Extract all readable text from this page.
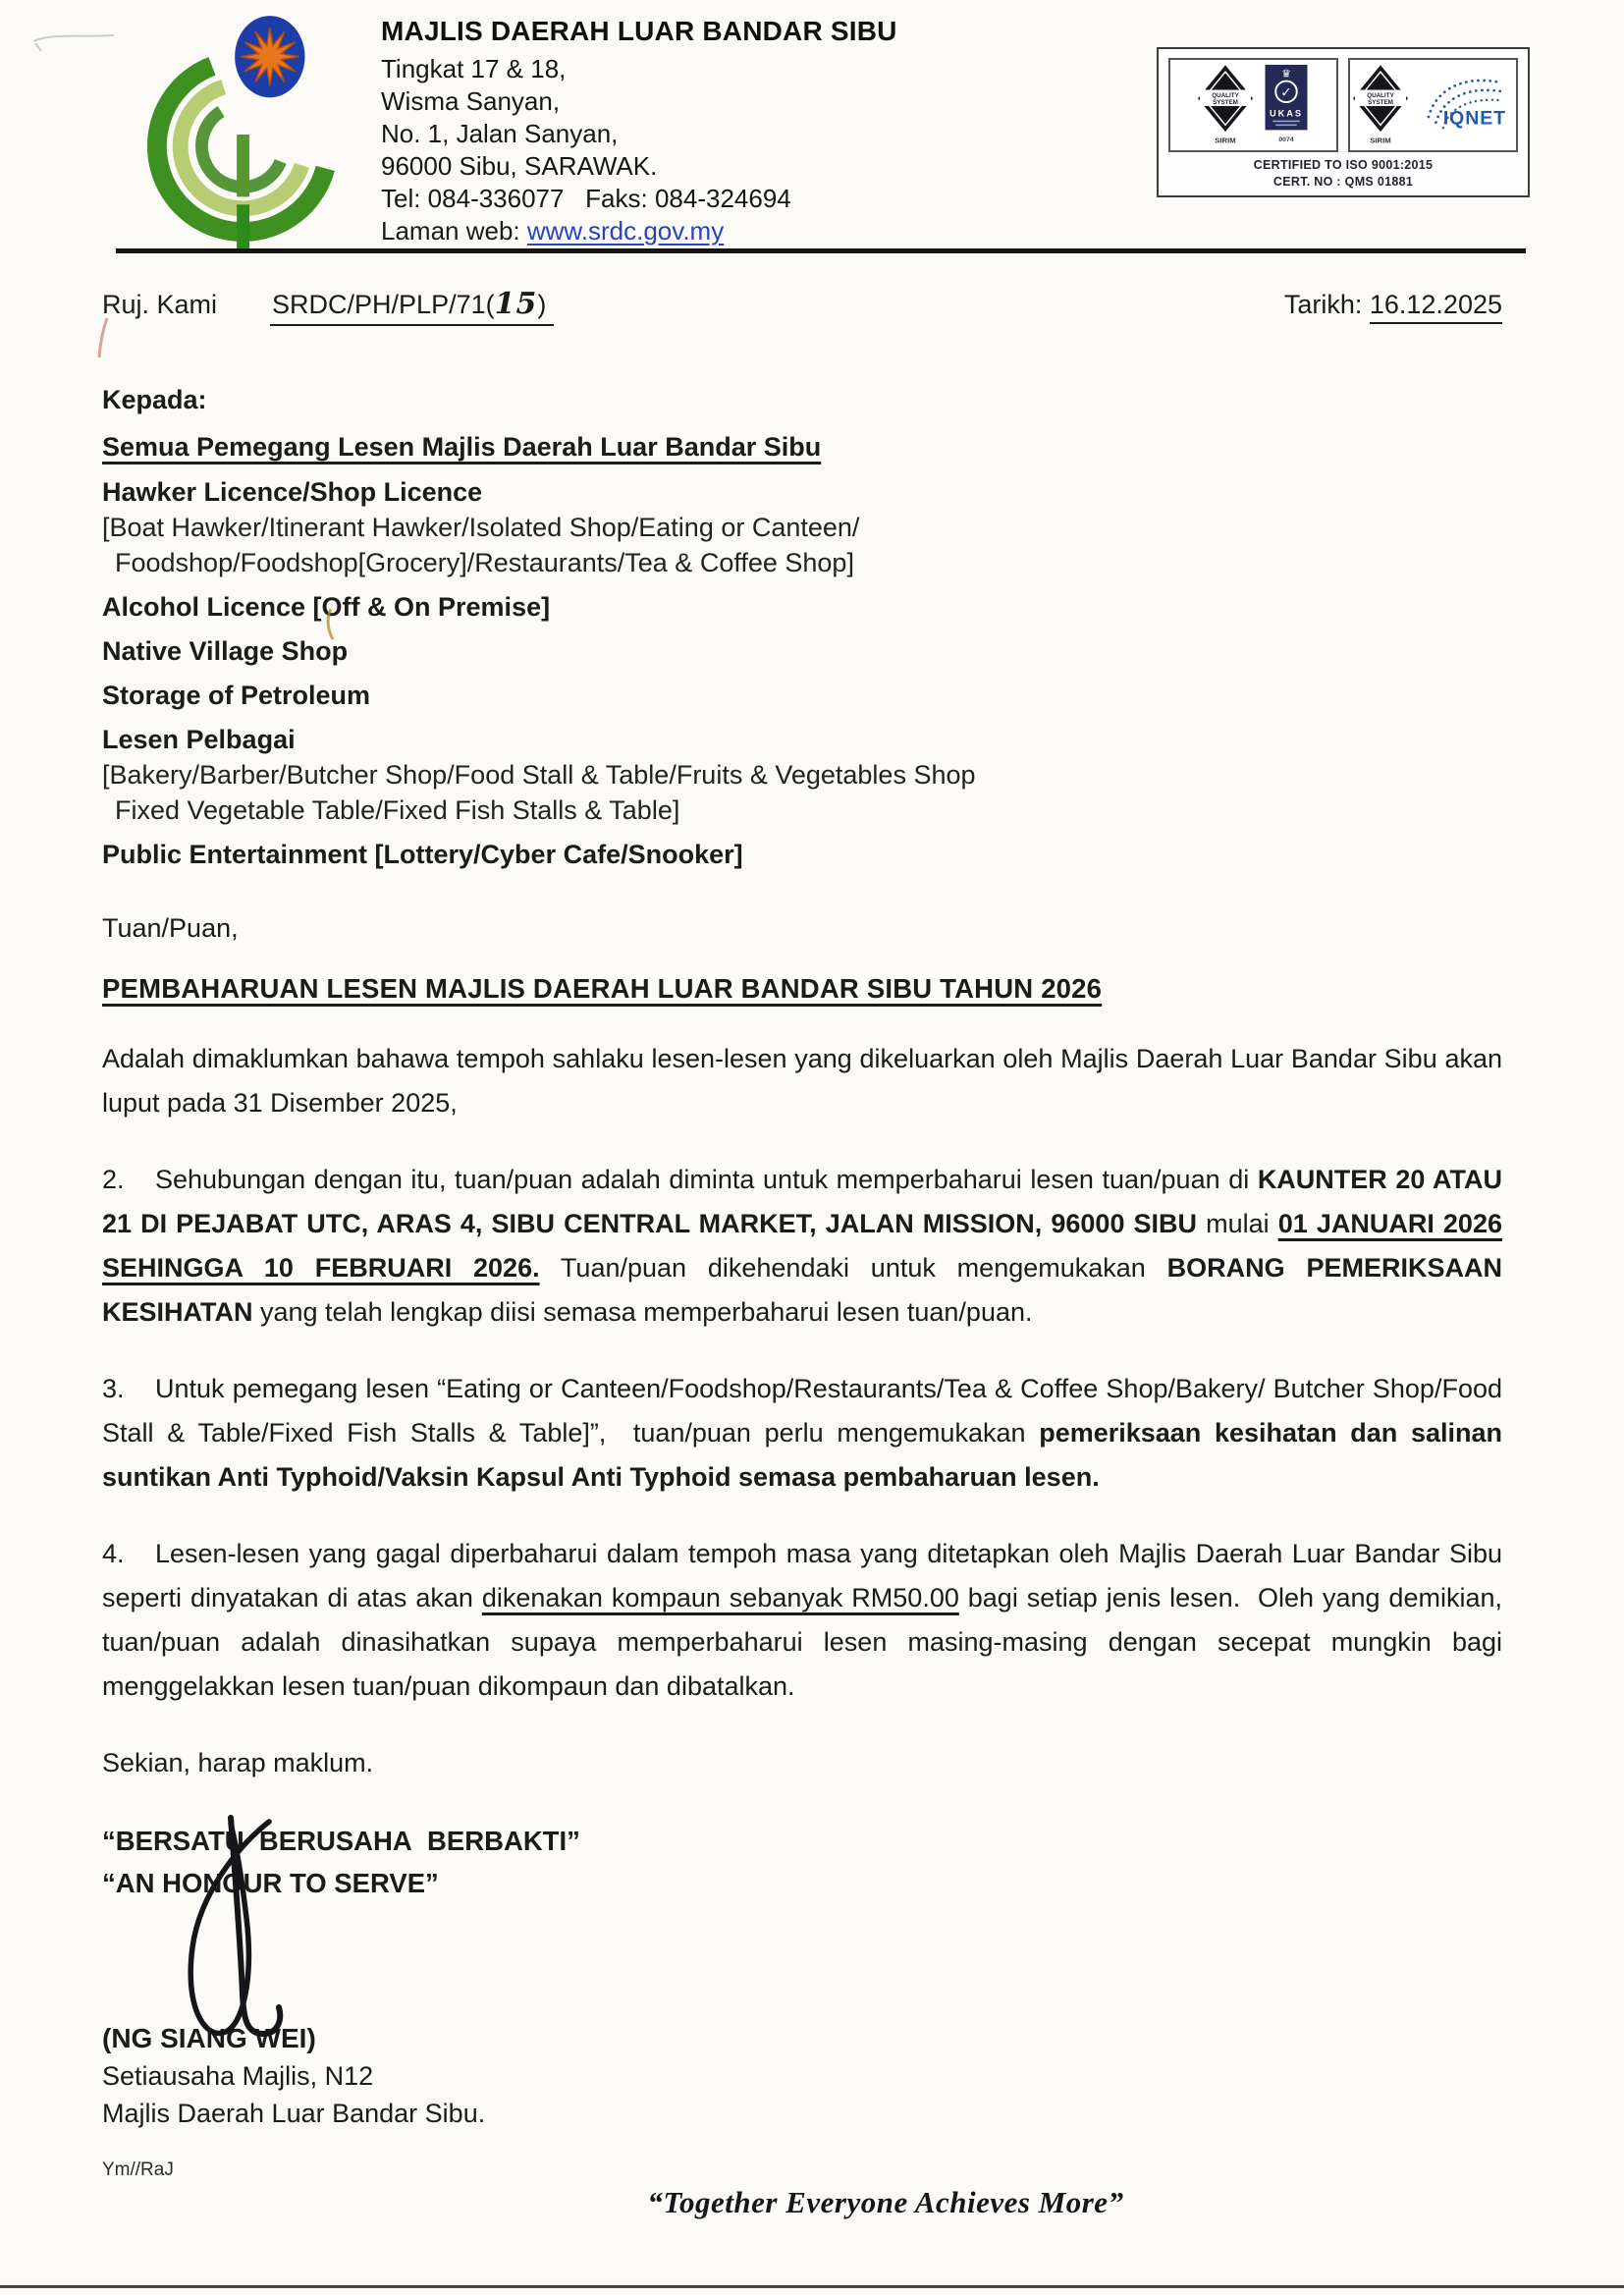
MAJLIS DAERAH LUAR BANDAR SIBU
Tingkat 17 & 18,
Wisma Sanyan,
No. 1, Jalan Sanyan,
96000 Sibu, SARAWAK.
Tel: 084-336077   Faks: 084-324694
Laman web: www.srdc.gov.my
QUALITY
SYSTEM
SIRIM
♛
✓
UKAS
0074
QUALITY
SYSTEM
SIRIM
IQNET
CERTIFIED TO ISO 9001:2015
CERT. NO : QMS 01881
Ruj. Kami SRDC/PH/PLP/71(15)	Tarikh: 16.12.2025
Kepada:
Semua Pemegang Lesen Majlis Daerah Luar Bandar Sibu
Hawker Licence/Shop Licence
[Boat Hawker/Itinerant Hawker/Isolated Shop/Eating or Canteen/
Foodshop/Foodshop[Grocery]/Restaurants/Tea & Coffee Shop]
Alcohol Licence [Off & On Premise]
Native Village Shop
Storage of Petroleum
Lesen Pelbagai
[Bakery/Barber/Butcher Shop/Food Stall & Table/Fruits & Vegetables Shop
Fixed Vegetable Table/Fixed Fish Stalls & Table]
Public Entertainment [Lottery/Cyber Cafe/Snooker]
Tuan/Puan,
PEMBAHARUAN LESEN MAJLIS DAERAH LUAR BANDAR SIBU TAHUN 2026
Adalah dimaklumkan bahawa tempoh sahlaku lesen-lesen yang dikeluarkan oleh Majlis Daerah Luar Bandar Sibu akan luput pada 31 Disember 2025,
2. Sehubungan dengan itu, tuan/puan adalah diminta untuk memperbaharui lesen tuan/puan di KAUNTER 20 ATAU 21 DI PEJABAT UTC, ARAS 4, SIBU CENTRAL MARKET, JALAN MISSION, 96000 SIBU mulai 01 JANUARI 2026 SEHINGGA 10 FEBRUARI 2026. Tuan/puan dikehendaki untuk mengemukakan BORANG PEMERIKSAAN KESIHATAN yang telah lengkap diisi semasa memperbaharui lesen tuan/puan.
3. Untuk pemegang lesen “Eating or Canteen/Foodshop/Restaurants/Tea & Coffee Shop/Bakery/ Butcher Shop/Food Stall & Table/Fixed Fish Stalls & Table]”,  tuan/puan perlu mengemukakan pemeriksaan kesihatan dan salinan suntikan Anti Typhoid/Vaksin Kapsul Anti Typhoid semasa pembaharuan lesen.
4. Lesen-lesen yang gagal diperbaharui dalam tempoh masa yang ditetapkan oleh Majlis Daerah Luar Bandar Sibu seperti dinyatakan di atas akan dikenakan kompaun sebanyak RM50.00 bagi setiap jenis lesen.  Oleh yang demikian, tuan/puan adalah dinasihatkan supaya memperbaharui lesen masing-masing dengan secepat mungkin bagi menggelakkan lesen tuan/puan dikompaun dan dibatalkan.
Sekian, harap maklum.
“BERSATU  BERUSAHA  BERBAKTI”
“AN HONOUR TO SERVE”
(NG SIANG WEI)
Setiausaha Majlis, N12
Majlis Daerah Luar Bandar Sibu.
Ym//RaJ
“Together Everyone Achieves More”
